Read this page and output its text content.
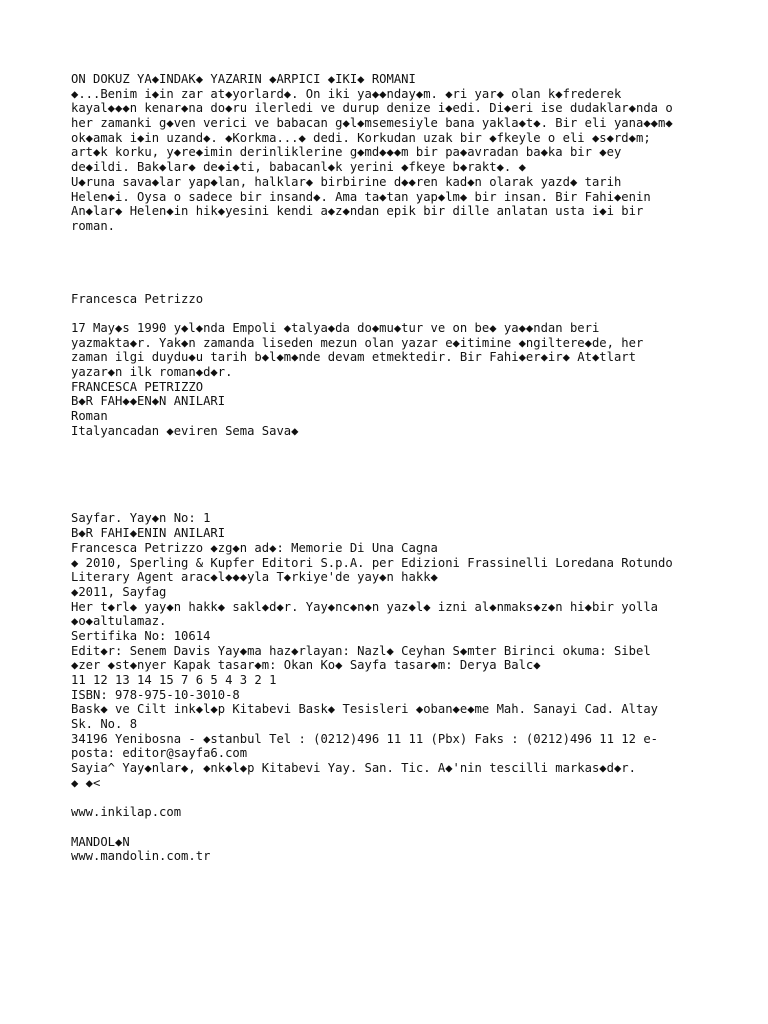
ON DOKUZ YA◆INDAK◆ YAZARIN ◆ARPICI ◆IKI◆ ROMANI
◆...Benim i◆in zar at◆yorlard◆. On iki ya◆◆nday◆m. ◆ri yar◆ olan k◆frederek
kayal◆◆◆n kenar◆na do◆ru ilerledi ve durup denize i◆edi. Di◆eri ise dudaklar◆nda o
her zamanki g◆ven verici ve babacan g◆l◆msemesiyle bana yakla◆t◆. Bir eli yana◆◆m◆
ok◆amak i◆in uzand◆. ◆Korkma...◆ dedi. Korkudan uzak bir ◆fkeyle o eli ◆s◆rd◆m;
art◆k korku, y◆re◆imin derinliklerine g◆md◆◆◆m bir pa◆avradan ba◆ka bir ◆ey
de◆ildi. Bak◆lar◆ de◆i◆ti, babacanl◆k yerini ◆fkeye b◆rakt◆. ◆
U◆runa sava◆lar yap◆lan, halklar◆ birbirine d◆◆ren kad◆n olarak yazd◆ tarih
Helen◆i. Oysa o sadece bir insand◆. Ama ta◆tan yap◆lm◆ bir insan. Bir Fahi◆enin
An◆lar◆ Helen◆in hik◆yesini kendi a◆z◆ndan epik bir dille anlatan usta i◆i bir
roman.
Francesca Petrizzo
17 May◆s 1990 y◆l◆nda Empoli ◆talya◆da do◆mu◆tur ve on be◆ ya◆◆ndan beri
yazmakta◆r. Yak◆n zamanda liseden mezun olan yazar e◆itimine ◆ngiltere◆de, her
zaman ilgi duydu◆u tarih b◆l◆m◆nde devam etmektedir. Bir Fahi◆er◆ir◆ At◆tlart
yazar◆n ilk roman◆d◆r.
FRANCESCA PETRIZZO
B◆R FAH◆◆EN◆N ANILARI
Roman
Italyancadan ◆eviren Sema Sava◆
Sayfar. Yay◆n No: 1
B◆R FAHI◆ENIN ANILARI
Francesca Petrizzo ◆zg◆n ad◆: Memorie Di Una Cagna
◆ 2010, Sperling & Kupfer Editori S.p.A. per Edizioni Frassinelli Loredana Rotundo
Literary Agent arac◆l◆◆◆yla T◆rkiye'de yay◆n hakk◆
◆2011, Sayfag
Her t◆rl◆ yay◆n hakk◆ sakl◆d◆r. Yay◆nc◆n◆n yaz◆l◆ izni al◆nmaks◆z◆n hi◆bir yolla
◆o◆altulamaz.
Sertifika No: 10614
Edit◆r: Senem Davis Yay◆ma haz◆rlayan: Nazl◆ Ceyhan S◆mter Birinci okuma: Sibel
◆zer ◆st◆nyer Kapak tasar◆m: Okan Ko◆ Sayfa tasar◆m: Derya Balc◆
11 12 13 14 15 7 6 5 4 3 2 1
ISBN: 978-975-10-3010-8
Bask◆ ve Cilt ink◆l◆p Kitabevi Bask◆ Tesisleri ◆oban◆e◆me Mah. Sanayi Cad. Altay
Sk. No. 8
34196 Yenibosna - ◆stanbul Tel : (0212)496 11 11 (Pbx) Faks : (0212)496 11 12 e-
posta: editor@sayfa6.com
Sayia^ Yay◆nlar◆, ◆nk◆l◆p Kitabevi Yay. San. Tic. A◆'nin tescilli markas◆d◆r.
◆ ◆<
www.inkilap.com
MANDOL◆N
www.mandolin.com.tr
